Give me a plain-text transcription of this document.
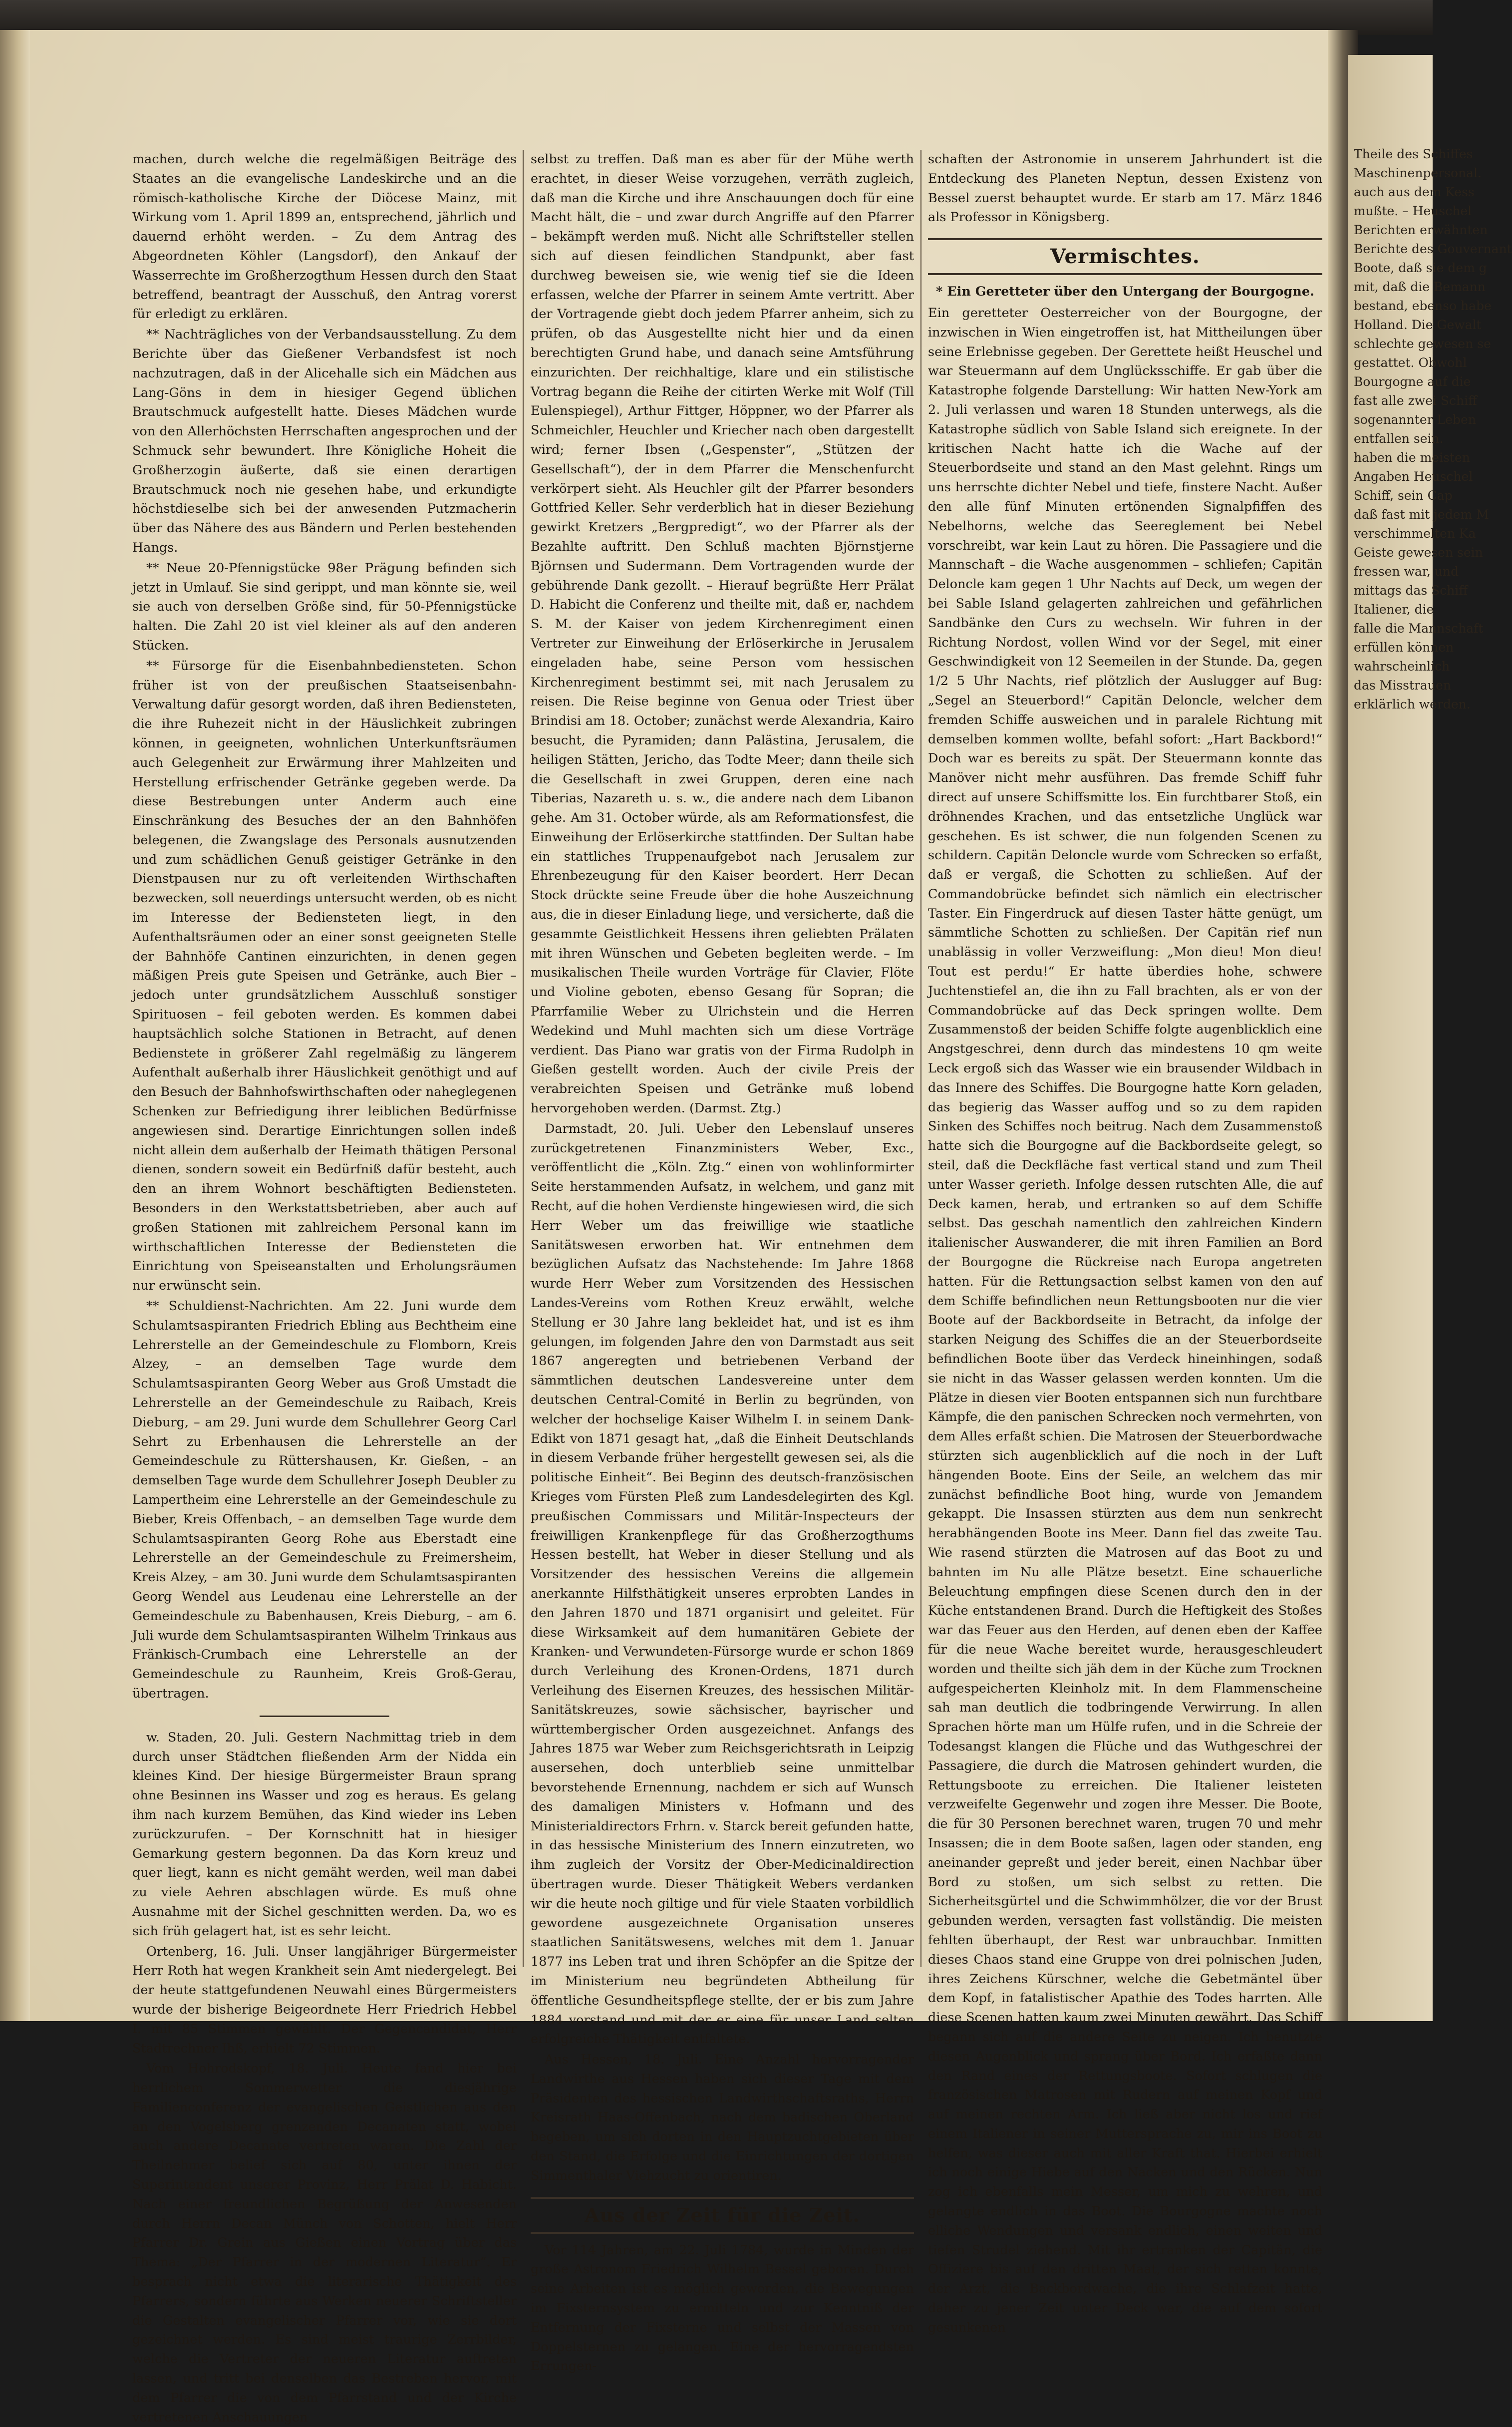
machen, durch welche die regelmäßigen Beiträge des Staates an die evangelische Landeskirche und an die römisch-katholische Kirche der Diöcese Mainz, mit Wirkung vom 1. April 1899 an, entsprechend, jährlich und dauernd erhöht werden. – Zu dem Antrag des Abgeordneten Köhler (Langsdorf), den Ankauf der Wasserrechte im Großherzogthum Hessen durch den Staat betreffend, beantragt der Ausschuß, den Antrag vorerst für erledigt zu erklären.

** Nachträgliches von der Verbandsausstellung. Zu dem Berichte über das Gießener Verbandsfest ist noch nachzutragen, daß in der Alicehalle sich ein Mädchen aus Lang-Göns in dem in hiesiger Gegend üblichen Brautschmuck aufgestellt hatte. Dieses Mädchen wurde von den Allerhöchsten Herrschaften angesprochen und der Schmuck sehr bewundert. Ihre Königliche Hoheit die Großherzogin äußerte, daß sie einen derartigen Brautschmuck noch nie gesehen habe, und erkundigte höchstdieselbe sich bei der anwesenden Putzmacherin über das Nähere des aus Bändern und Perlen bestehenden Hangs.

** Neue 20-Pfennigstücke 98er Prägung befinden sich jetzt in Umlauf. Sie sind gerippt, und man könnte sie, weil sie auch von derselben Größe sind, für 50-Pfennigstücke halten. Die Zahl 20 ist viel kleiner als auf den anderen Stücken.

** Fürsorge für die Eisenbahnbediensteten. Schon früher ist von der preußischen Staatseisenbahn-Verwaltung dafür gesorgt worden, daß ihren Bediensteten, die ihre Ruhezeit nicht in der Häuslichkeit zubringen können, in geeigneten, wohnlichen Unterkunftsräumen auch Gelegenheit zur Erwärmung ihrer Mahlzeiten und Herstellung erfrischender Getränke gegeben werde. Da diese Bestrebungen unter Anderm auch eine Einschränkung des Besuches der an den Bahnhöfen belegenen, die Zwangslage des Personals ausnutzenden und zum schädlichen Genuß geistiger Getränke in den Dienstpausen nur zu oft verleitenden Wirthschaften bezwecken, soll neuerdings untersucht werden, ob es nicht im Interesse der Bediensteten liegt, in den Aufenthaltsräumen oder an einer sonst geeigneten Stelle der Bahnhöfe Cantinen einzurichten, in denen gegen mäßigen Preis gute Speisen und Getränke, auch Bier – jedoch unter grundsätzlichem Ausschluß sonstiger Spirituosen – feil geboten werden. Es kommen dabei hauptsächlich solche Stationen in Betracht, auf denen Bedienstete in größerer Zahl regelmäßig zu längerem Aufenthalt außerhalb ihrer Häuslichkeit genöthigt und auf den Besuch der Bahnhofswirthschaften oder naheglegenen Schenken zur Befriedigung ihrer leiblichen Bedürfnisse angewiesen sind. Derartige Einrichtungen sollen indeß nicht allein dem außerhalb der Heimath thätigen Personal dienen, sondern soweit ein Bedürfniß dafür besteht, auch den an ihrem Wohnort beschäftigten Bediensteten. Besonders in den Werkstattsbetrieben, aber auch auf großen Stationen mit zahlreichem Personal kann im wirthschaftlichen Interesse der Bediensteten die Einrichtung von Speiseanstalten und Erholungsräumen nur erwünscht sein.

** Schuldienst-Nachrichten. Am 22. Juni wurde dem Schulamtsaspiranten Friedrich Ebling aus Bechtheim eine Lehrerstelle an der Gemeindeschule zu Flomborn, Kreis Alzey, – an demselben Tage wurde dem Schulamtsaspiranten Georg Weber aus Groß Umstadt die Lehrerstelle an der Gemeindeschule zu Raibach, Kreis Dieburg, – am 29. Juni wurde dem Schullehrer Georg Carl Sehrt zu Erbenhausen die Lehrerstelle an der Gemeindeschule zu Rüttershausen, Kr. Gießen, – an demselben Tage wurde dem Schullehrer Joseph Deubler zu Lampertheim eine Lehrerstelle an der Gemeindeschule zu Bieber, Kreis Offenbach, – an demselben Tage wurde dem Schulamtsaspiranten Georg Rohe aus Eberstadt eine Lehrerstelle an der Gemeindeschule zu Freimersheim, Kreis Alzey, – am 30. Juni wurde dem Schulamtsaspiranten Georg Wendel aus Leudenau eine Lehrerstelle an der Gemeindeschule zu Babenhausen, Kreis Dieburg, – am 6. Juli wurde dem Schulamtsaspiranten Wilhelm Trinkaus aus Fränkisch-Crumbach eine Lehrerstelle an der Gemeindeschule zu Raunheim, Kreis Groß-Gerau, übertragen.

w. Staden, 20. Juli. Gestern Nachmittag trieb in dem durch unser Städtchen fließenden Arm der Nidda ein kleines Kind. Der hiesige Bürgermeister Braun sprang ohne Besinnen ins Wasser und zog es heraus. Es gelang ihm nach kurzem Bemühen, das Kind wieder ins Leben zurückzurufen. – Der Kornschnitt hat in hiesiger Gemarkung gestern begonnen. Da das Korn kreuz und quer liegt, kann es nicht gemäht werden, weil man dabei zu viele Aehren abschlagen würde. Es muß ohne Ausnahme mit der Sichel geschnitten werden. Da, wo es sich früh gelagert hat, ist es sehr leicht.

Ortenberg, 16. Juli. Unser langjähriger Bürgermeister Herr Roth hat wegen Krankheit sein Amt niedergelegt. Bei der heute stattgefundenen Neuwahl eines Bürgermeisters wurde der bisherige Beigeordnete Herr Friedrich Hebbel I. mit 85 Stimmen gewählt. Der Gegencandidat, Herr Stadtrechner Ihß, erhielt 72 Stimmen.

Vom Hohrodskopf, 18. Juli. Heute fand hier bei herrlichem Sommerwetter die diesjährige Familienconferenz der evangelischen Geistlichen aus den an den Vogelsberg grenzenden Decanaten statt, wobei auch andere Decanate vertreten waren. Die Zahl der Theilnehmer belief sich auf 80, unter ihnen der Superintendent unserer Provinz, Herr Prälat D. Habicht. Nach einer freundlichen Begrüßung der Anwesenden durch Herrn Decan Münch von Schotten, hielt Herr Pfarrer Dr. Grein aus Gießen einen Vortrag über das Thema: „Der Pfarrer in der modernen Literatur“. Er besprach nicht etwa die literarische Thätigkeit des Pfarrers, sondern führte aus Werken neuerer Schriftsteller die Gestalten evangelischer Pfarrer vor, wie sie dort gezeichnet werden. Es sind meist traurige Zerrbilder, welche die Vertreter der neueren Literatur auftreten lassen, und tritt bei denselben das Bestreben hervor, mit dem Pfarrer die von dem Pfarrstand und der Kirche vertretenen Anschauungen

selbst zu treffen. Daß man es aber für der Mühe werth erachtet, in dieser Weise vorzugehen, verräth zugleich, daß man die Kirche und ihre Anschauungen doch für eine Macht hält, die – und zwar durch Angriffe auf den Pfarrer – bekämpft werden muß. Nicht alle Schriftsteller stellen sich auf diesen feindlichen Standpunkt, aber fast durchweg beweisen sie, wie wenig tief sie die Ideen erfassen, welche der Pfarrer in seinem Amte vertritt. Aber der Vortragende giebt doch jedem Pfarrer anheim, sich zu prüfen, ob das Ausgestellte nicht hier und da einen berechtigten Grund habe, und danach seine Amtsführung einzurichten. Der reichhaltige, klare und ein stilistische Vortrag begann die Reihe der citirten Werke mit Wolf (Till Eulenspiegel), Arthur Fittger, Höppner, wo der Pfarrer als Schmeichler, Heuchler und Kriecher nach oben dargestellt wird; ferner Ibsen („Gespenster“, „Stützen der Gesellschaft“), der in dem Pfarrer die Menschenfurcht verkörpert sieht. Als Heuchler gilt der Pfarrer besonders Gottfried Keller. Sehr verderblich hat in dieser Beziehung gewirkt Kretzers „Bergpredigt“, wo der Pfarrer als der Bezahlte auftritt. Den Schluß machten Björnstjerne Björnsen und Sudermann. Dem Vortragenden wurde der gebührende Dank gezollt. – Hierauf begrüßte Herr Prälat D. Habicht die Conferenz und theilte mit, daß er, nachdem S. M. der Kaiser von jedem Kirchenregiment einen Vertreter zur Einweihung der Erlöserkirche in Jerusalem eingeladen habe, seine Person vom hessischen Kirchenregiment bestimmt sei, mit nach Jerusalem zu reisen. Die Reise beginne von Genua oder Triest über Brindisi am 18. October; zunächst werde Alexandria, Kairo besucht, die Pyramiden; dann Palästina, Jerusalem, die heiligen Stätten, Jericho, das Todte Meer; dann theile sich die Gesellschaft in zwei Gruppen, deren eine nach Tiberias, Nazareth u. s. w., die andere nach dem Libanon gehe. Am 31. October würde, als am Reformationsfest, die Einweihung der Erlöserkirche stattfinden. Der Sultan habe ein stattliches Truppenaufgebot nach Jerusalem zur Ehrenbezeugung für den Kaiser beordert. Herr Decan Stock drückte seine Freude über die hohe Auszeichnung aus, die in dieser Einladung liege, und versicherte, daß die gesammte Geistlichkeit Hessens ihren geliebten Prälaten mit ihren Wünschen und Gebeten begleiten werde. – Im musikalischen Theile wurden Vorträge für Clavier, Flöte und Violine geboten, ebenso Gesang für Sopran; die Pfarrfamilie Weber zu Ulrichstein und die Herren Wedekind und Muhl machten sich um diese Vorträge verdient. Das Piano war gratis von der Firma Rudolph in Gießen gestellt worden. Auch der civile Preis der verabreichten Speisen und Getränke muß lobend hervorgehoben werden. (Darmst. Ztg.)

Darmstadt, 20. Juli. Ueber den Lebenslauf unseres zurückgetretenen Finanzministers Weber, Exc., veröffentlicht die „Köln. Ztg.“ einen von wohlinformirter Seite herstammenden Aufsatz, in welchem, und ganz mit Recht, auf die hohen Verdienste hingewiesen wird, die sich Herr Weber um das freiwillige wie staatliche Sanitätswesen erworben hat. Wir entnehmen dem bezüglichen Aufsatz das Nachstehende: Im Jahre 1868 wurde Herr Weber zum Vorsitzenden des Hessischen Landes-Vereins vom Rothen Kreuz erwählt, welche Stellung er 30 Jahre lang bekleidet hat, und ist es ihm gelungen, im folgenden Jahre den von Darmstadt aus seit 1867 angeregten und betriebenen Verband der sämmtlichen deutschen Landesvereine unter dem deutschen Central-Comité in Berlin zu begründen, von welcher der hochselige Kaiser Wilhelm I. in seinem Dank-Edikt von 1871 gesagt hat, „daß die Einheit Deutschlands in diesem Verbande früher hergestellt gewesen sei, als die politische Einheit“. Bei Beginn des deutsch-französischen Krieges vom Fürsten Pleß zum Landesdelegirten des Kgl. preußischen Commissars und Militär-Inspecteurs der freiwilligen Krankenpflege für das Großherzogthums Hessen bestellt, hat Weber in dieser Stellung und als Vorsitzender des hessischen Vereins die allgemein anerkannte Hilfsthätigkeit unseres erprobten Landes in den Jahren 1870 und 1871 organisirt und geleitet. Für diese Wirksamkeit auf dem humanitären Gebiete der Kranken- und Verwundeten-Fürsorge wurde er schon 1869 durch Verleihung des Kronen-Ordens, 1871 durch Verleihung des Eisernen Kreuzes, des hessischen Militär-Sanitätskreuzes, sowie sächsischer, bayrischer und württembergischer Orden ausgezeichnet. Anfangs des Jahres 1875 war Weber zum Reichsgerichtsrath in Leipzig ausersehen, doch unterblieb seine unmittelbar bevorstehende Ernennung, nachdem er sich auf Wunsch des damaligen Ministers v. Hofmann und des Ministerialdirectors Frhrn. v. Starck bereit gefunden hatte, in das hessische Ministerium des Innern einzutreten, wo ihm zugleich der Vorsitz der Ober-Medicinaldirection übertragen wurde. Dieser Thätigkeit Webers verdanken wir die heute noch giltige und für viele Staaten vorbildlich gewordene ausgezeichnete Organisation unseres staatlichen Sanitätswesens, welches mit dem 1. Januar 1877 ins Leben trat und ihren Schöpfer an die Spitze der im Ministerium neu begründeten Abtheilung für öffentliche Gesundheitspflege stellte, der er bis zum Jahre 1884 vorstand und mit der er eine für unser Land selten erfolgreiche Thätigkeit entfaltete.

Aus Hessen, 18. Juli. Eine Anzahl hervorragender Landwirthe aus Hessen haben sich dieser Tage mit dem Präsidenten des hessischen Landwirthschaftsraths, Herrn Kreisrath Haas-Offenbach, nach dem badischen Oberland begeben, um sich dorten in den Hauptzuchtgebieten über den Stand, die Erfolge und die Einrichtungen der dortigen Simmenthaler Viehzucht zu orientiren.

Aus der Zeit für die Zeit.

Vor 114 Jahren, am 22. Juli 1784, wurde in Minden der große Astronom Friedrich Wilhelm Bessel geboren. Durch seine Arbeiten ist es möglich geworden, die Bewegungen im Fixsternsystem zu ermitteln und zur Kenntniß der Entfernung der Fixsterne und selbst der Massen von Doppelsternen zu gelangen. Eine der hervorragendsten Errungen-

schaften der Astronomie in unserem Jahrhundert ist die Entdeckung des Planeten Neptun, dessen Existenz von Bessel zuerst behauptet wurde. Er starb am 17. März 1846 als Professor in Königsberg.

Vermischtes.
* Ein Geretteter über den Untergang der Bourgogne.

Ein geretteter Oesterreicher von der Bourgogne, der inzwischen in Wien eingetroffen ist, hat Mittheilungen über seine Erlebnisse gegeben. Der Gerettete heißt Heuschel und war Steuermann auf dem Unglücksschiffe. Er gab über die Katastrophe folgende Darstellung: Wir hatten New-York am 2. Juli verlassen und waren 18 Stunden unterwegs, als die Katastrophe südlich von Sable Island sich ereignete. In der kritischen Nacht hatte ich die Wache auf der Steuerbordseite und stand an den Mast gelehnt. Rings um uns herrschte dichter Nebel und tiefe, finstere Nacht. Außer den alle fünf Minuten ertönenden Signalpfiffen des Nebelhorns, welche das Seereglement bei Nebel vorschreibt, war kein Laut zu hören. Die Passagiere und die Mannschaft – die Wache ausgenommen – schliefen; Capitän Deloncle kam gegen 1 Uhr Nachts auf Deck, um wegen der bei Sable Island gelagerten zahlreichen und gefährlichen Sandbänke den Curs zu wechseln. Wir fuhren in der Richtung Nordost, vollen Wind vor der Segel, mit einer Geschwindigkeit von 12 Seemeilen in der Stunde. Da, gegen 1/2 5 Uhr Nachts, rief plötzlich der Auslugger auf Bug: „Segel an Steuerbord!“ Capitän Deloncle, welcher dem fremden Schiffe ausweichen und in paralele Richtung mit demselben kommen wollte, befahl sofort: „Hart Backbord!“ Doch war es bereits zu spät. Der Steuermann konnte das Manöver nicht mehr ausführen. Das fremde Schiff fuhr direct auf unsere Schiffsmitte los. Ein furchtbarer Stoß, ein dröhnendes Krachen, und das entsetzliche Unglück war geschehen. Es ist schwer, die nun folgenden Scenen zu schildern. Capitän Deloncle wurde vom Schrecken so erfaßt, daß er vergaß, die Schotten zu schließen. Auf der Commandobrücke befindet sich nämlich ein electrischer Taster. Ein Fingerdruck auf diesen Taster hätte genügt, um sämmtliche Schotten zu schließen. Der Capitän rief nun unablässig in voller Verzweiflung: „Mon dieu! Mon dieu! Tout est perdu!“ Er hatte überdies hohe, schwere Juchtenstiefel an, die ihn zu Fall brachten, als er von der Commandobrücke auf das Deck springen wollte. Dem Zusammenstoß der beiden Schiffe folgte augenblicklich eine Angstgeschrei, denn durch das mindestens 10 qm weite Leck ergoß sich das Wasser wie ein brausender Wildbach in das Innere des Schiffes. Die Bourgogne hatte Korn geladen, das begierig das Wasser auffog und so zu dem rapiden Sinken des Schiffes noch beitrug. Nach dem Zusammenstoß hatte sich die Bourgogne auf die Backbordseite gelegt, so steil, daß die Deckfläche fast vertical stand und zum Theil unter Wasser gerieth. Infolge dessen rutschten Alle, die auf Deck kamen, herab, und ertranken so auf dem Schiffe selbst. Das geschah namentlich den zahlreichen Kindern italienischer Auswanderer, die mit ihren Familien an Bord der Bourgogne die Rückreise nach Europa angetreten hatten. Für die Rettungsaction selbst kamen von den auf dem Schiffe befindlichen neun Rettungsbooten nur die vier Boote auf der Backbordseite in Betracht, da infolge der starken Neigung des Schiffes die an der Steuerbordseite befindlichen Boote über das Verdeck hineinhingen, sodaß sie nicht in das Wasser gelassen werden konnten. Um die Plätze in diesen vier Booten entspannen sich nun furchtbare Kämpfe, die den panischen Schrecken noch vermehrten, von dem Alles erfaßt schien. Die Matrosen der Steuerbordwache stürzten sich augenblicklich auf die noch in der Luft hängenden Boote. Eins der Seile, an welchem das mir zunächst befindliche Boot hing, wurde von Jemandem gekappt. Die Insassen stürzten aus dem nun senkrecht herabhängenden Boote ins Meer. Dann fiel das zweite Tau. Wie rasend stürzten die Matrosen auf das Boot zu und bahnten im Nu alle Plätze besetzt. Eine schauerliche Beleuchtung empfingen diese Scenen durch den in der Küche entstandenen Brand. Durch die Heftigkeit des Stoßes war das Feuer aus den Herden, auf denen eben der Kaffee für die neue Wache bereitet wurde, herausgeschleudert worden und theilte sich jäh dem in der Küche zum Trocknen aufgespeicherten Kleinholz mit. In dem Flammenscheine sah man deutlich die todbringende Verwirrung. In allen Sprachen hörte man um Hülfe rufen, und in die Schreie der Todesangst klangen die Flüche und das Wuthgeschrei der Passagiere, die durch die Matrosen gehindert wurden, die Rettungsboote zu erreichen. Die Italiener leisteten verzweifelte Gegenwehr und zogen ihre Messer. Die Boote, die für 30 Personen berechnet waren, trugen 70 und mehr Insassen; die in dem Boote saßen, lagen oder standen, eng aneinander gepreßt und jeder bereit, einen Nachbar über Bord zu stoßen, um sich selbst zu retten. Die Sicherheitsgürtel und die Schwimmhölzer, die vor der Brust gebunden werden, versagten fast vollständig. Die meisten fehlten überhaupt, der Rest war unbrauchbar. Inmitten dieses Chaos stand eine Gruppe von drei polnischen Juden, ihres Zeichens Kürschner, welche die Gebetmäntel über dem Kopf, in fatalistischer Apathie des Todes harrten. Alle diese Scenen hatten kaum zwei Minuten gewährt. Das Schiff begann sich auf die andere Seite zu neigen. Ich benutzte diesen Augenblick und sprang über Bord. Ich erfaßte dann den Rand eines der Rettungsboote. Sofort schlugen die französischen Matrosen mit Rudern auf meinen Kopf und auf meinen rechten Arm. Ich ließ aber nicht los und rief einem Italiener in seiner Muttersprache zu, mir ins Boot zu helfen, was dieser auch mit aller Kraft that. Hierbei erhielt ich noch einige Hiebe auf den Nacken und den Rücken. Nun zog ich ebenfalls mein Messer, um mich zu wehren, und gelangte endlich in das Boot. Die Bourgogne machte noch elliche Wendungen und versank endlich, einen weiten und tiefen Strudel ziehend. Mit ihr ertranken der Capitän, die Offiziere bis auf den dritten Maat, der sich retten konnte, der Arzt, die Backbordwache, die ihre Schlafzeit hatte, daher zu jener Zeit unter Deck war, die auf dem sofort gesunkenen

Theile des Schiffes
Maschinenpersonal.
auch aus dem Kess
mußte. – Heuschel
Berichten erwähnten
Berichte des Gouvernant
Boote, daß sie dem g
mit, daß die Bemann
bestand, ebenso habe
Holland. Die Gewalt
schlechte gewesen se
gestattet. Obwohl
Bourgogne auf die
fast alle zwei Schiff
sogenannter Leben
entfallen sein.
haben die meisten
Angaben Heuschel
Schiff, sein Cap
daß fast mit jedem M
verschimmelten Ka
Geiste gewesen sein
fressen war, und
mittags das Schiff
Italiener, die
falle die Mannschaft
erfüllen können
wahrscheinlich
das Misstrauen
erklärlich werden.
